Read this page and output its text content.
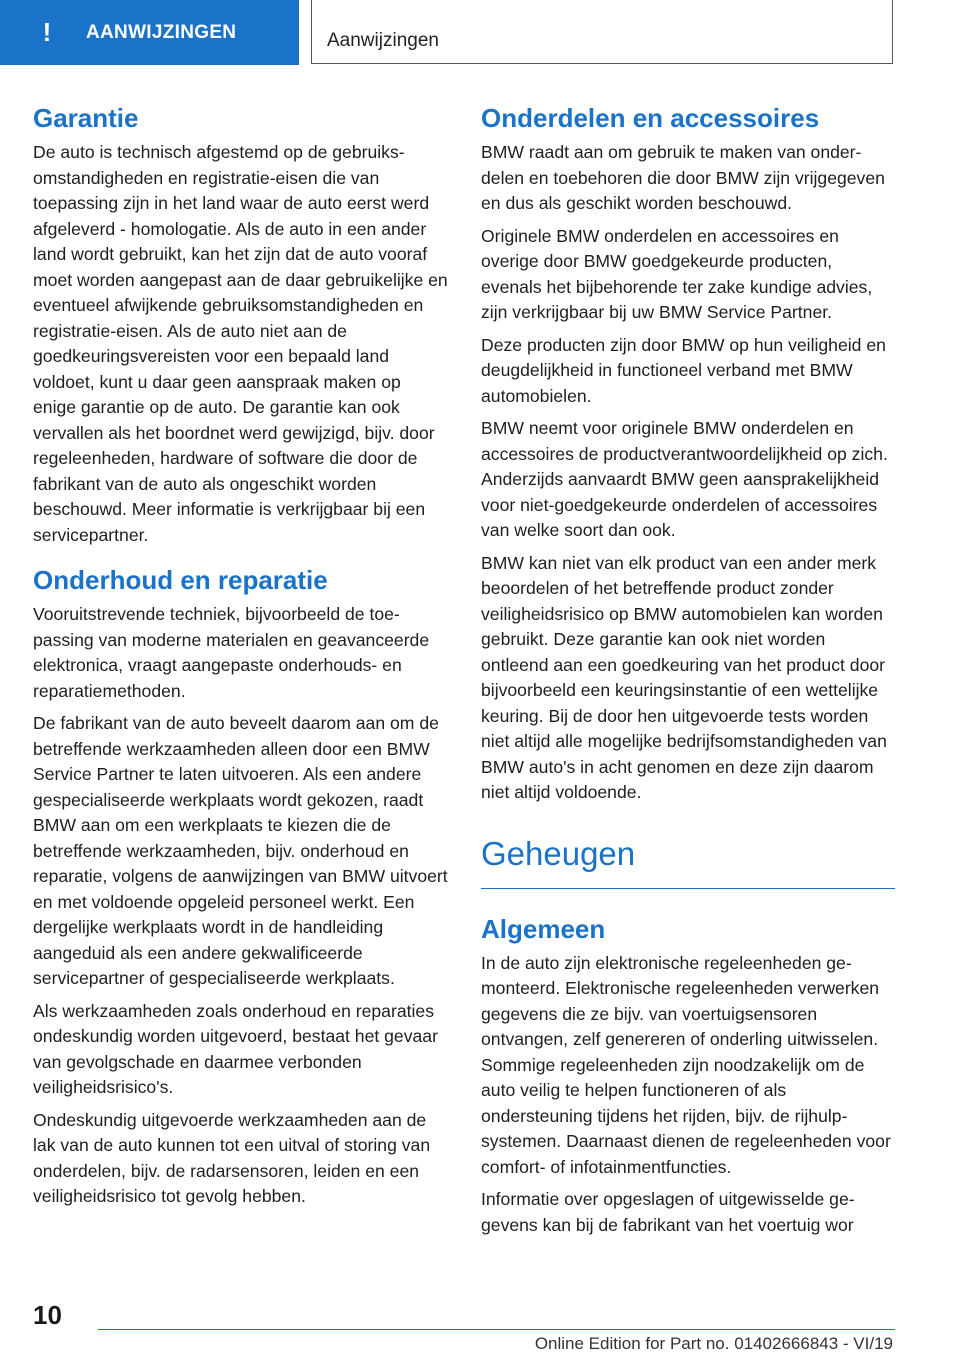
!	AANWIJZINGEN	Aanwijzingen
Garantie

De auto is technisch afgestemd op de gebruiksomstandigheden en registratie-eisen die van toepassing zijn in het land waar de auto eerst werd afgeleverd - homologatie. Als de auto in een ander land wordt gebruikt, kan het zijn dat de auto vooraf moet worden aangepast aan de daar gebruikelijke en eventueel afwijkende gebruiksomstandigheden en registratie-eisen. Als de auto niet aan de goedkeuringsvereisten voor een bepaald land voldoet, kunt u daar geen aanspraak maken op enige garantie op de auto. De garantie kan ook vervallen als het boordnet werd gewijzigd, bijv. door regeleenheden, hardware of software die door de fabrikant van de auto als ongeschikt worden beschouwd. Meer informatie is verkrijgbaar bij een servicepartner.

Onderhoud en reparatie

Vooruitstrevende techniek, bijvoorbeeld de toepassing van moderne materialen en geavanceerde elektronica, vraagt aangepaste onderhouds- en reparatiemethoden.

De fabrikant van de auto beveelt daarom aan om de betreffende werkzaamheden alleen door een BMW Service Partner te laten uitvoeren. Als een andere gespecialiseerde werkplaats wordt gekozen, raadt BMW aan om een werkplaats te kiezen die de betreffende werkzaamheden, bijv. onderhoud en reparatie, volgens de aanwijzingen van BMW uitvoert en met voldoende opgeleid personeel werkt. Een dergelijke werkplaats wordt in de handleiding aangeduid als een andere gekwalificeerde servicepartner of gespecialiseerde werkplaats.

Als werkzaamheden zoals onderhoud en reparaties ondeskundig worden uitgevoerd, bestaat het gevaar van gevolgschade en daarmee verbonden veiligheidsrisico's.

Ondeskundig uitgevoerde werkzaamheden aan de lak van de auto kunnen tot een uitval of storing van onderdelen, bijv. de radarsensoren, leiden en een veiligheidsrisico tot gevolg hebben.

Onderdelen en accessoires

BMW raadt aan om gebruik te maken van onderdelen en toebehoren die door BMW zijn vrijgegeven en dus als geschikt worden beschouwd.

Originele BMW onderdelen en accessoires en overige door BMW goedgekeurde producten, evenals het bijbehorende ter zake kundige advies, zijn verkrijgbaar bij uw BMW Service Partner.

Deze producten zijn door BMW op hun veiligheid en deugdelijkheid in functioneel verband met BMW automobielen.

BMW neemt voor originele BMW onderdelen en accessoires de productverantwoordelijkheid op zich. Anderzijds aanvaardt BMW geen aansprakelijkheid voor niet-goedgekeurde onderdelen of accessoires van welke soort dan ook.

BMW kan niet van elk product van een ander merk beoordelen of het betreffende product zonder veiligheidsrisico op BMW automobielen kan worden gebruikt. Deze garantie kan ook niet worden ontleend aan een goedkeuring van het product door bijvoorbeeld een keuringsinstantie of een wettelijke keuring. Bij de door hen uitgevoerde tests worden niet altijd alle mogelijke bedrijfsomstandigheden van BMW auto's in acht genomen en deze zijn daarom niet altijd voldoende.

Geheugen
Algemeen

In de auto zijn elektronische regeleenheden gemonteerd. Elektronische regeleenheden verwerken gegevens die ze bijv. van voertuigsensoren ontvangen, zelf genereren of onderling uitwisselen. Sommige regeleenheden zijn noodzakelijk om de auto veilig te helpen functioneren of als ondersteuning tijdens het rijden, bijv. de rijhulpsystemen. Daarnaast dienen de regeleenheden voor comfort- of infotainmentfuncties.

Informatie over opgeslagen of uitgewisselde gegevens kan bij de fabrikant van het voertuig wor

10
Online Edition for Part no. 01402666843 - VI/19
